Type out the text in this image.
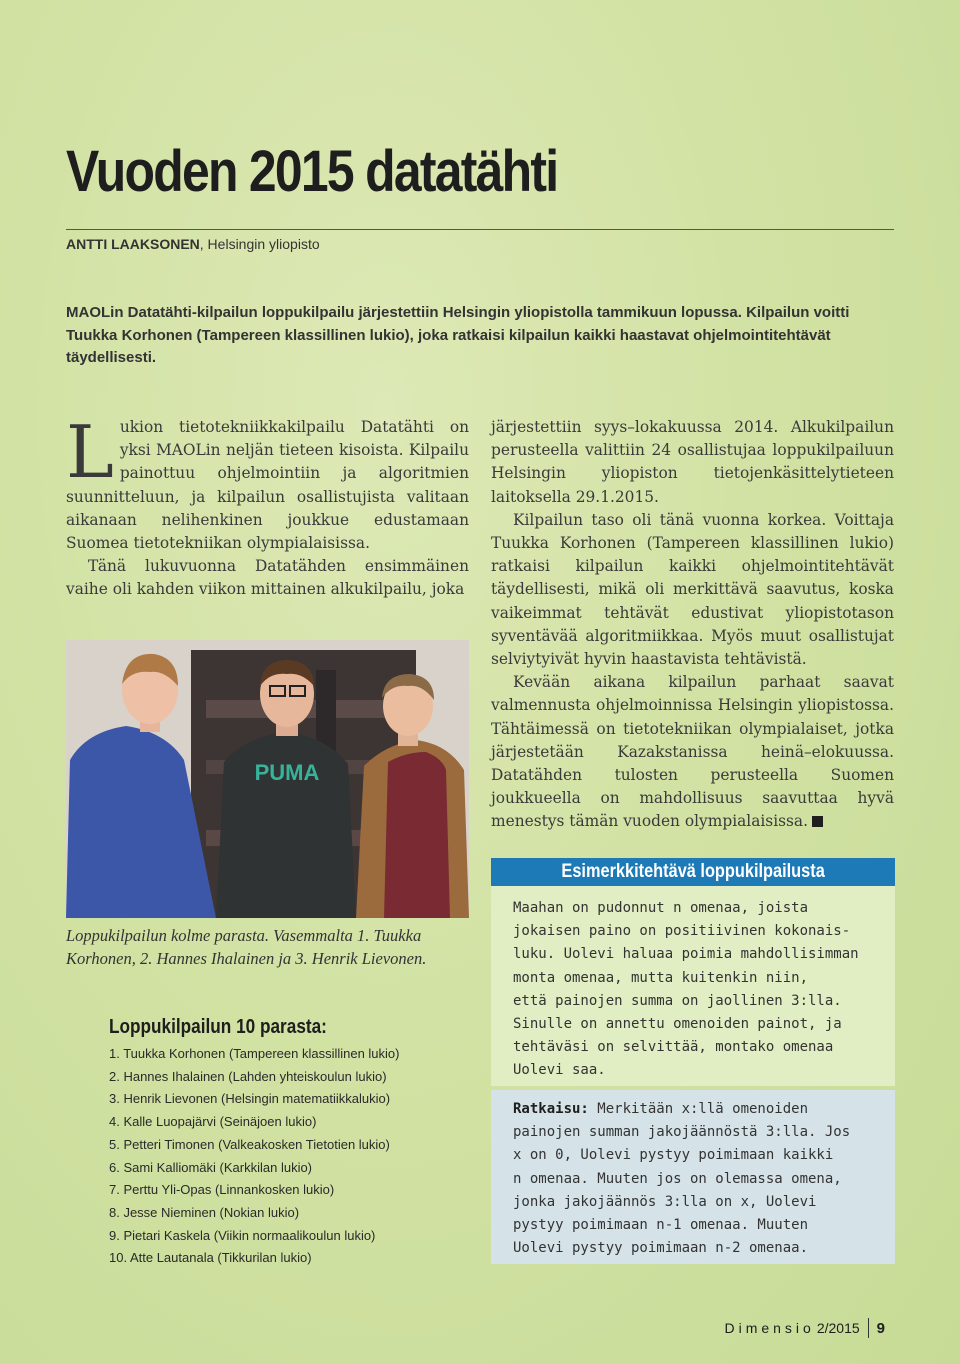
Vuoden 2015 datatähti
ANTTI LAAKSONEN, Helsingin yliopisto
MAOLin Datatähti-kilpailun loppukilpailu järjestettiin Helsingin yliopistolla tammikuun lopussa. Kilpailun voitti Tuukka Korhonen (Tampereen klassillinen lukio), joka ratkaisi kilpailun kaikki haastavat ohjelmointitehtävät täydellisesti.

Lukion tietotekniikkakilpailu Datatähti on yksi MAOLin neljän tieteen kisoista. Kilpailu painottuu ohjelmointiin ja algoritmien suunnitteluun, ja kilpailun osallistujista valitaan aikanaan nelihenkinen joukkue edustamaan Suomea tietotekniikan olympialaisissa.

Tänä lukuvuonna Datatähden ensimmäinen vaihe oli kahden viikon mittainen alkukilpailu, joka

järjestettiin syys–lokakuussa 2014. Alkukilpailun perusteella valittiin 24 osallistujaa loppukilpailuun Helsingin yliopiston tietojenkäsittelytieteen laitoksella 29.1.2015.

Kilpailun taso oli tänä vuonna korkea. Voittaja Tuukka Korhonen (Tampereen klassillinen lukio) ratkaisi kilpailun kaikki ohjelmointitehtävät täydellisesti, mikä oli merkittävä saavutus, koska vaikeimmat tehtävät edustivat yliopistotason syventävää algoritmiikkaa. Myös muut osallistujat selviytyivät hyvin haastavista tehtävistä.

Kevään aikana kilpailun parhaat saavat valmennusta ohjelmoinnissa Helsingin yliopistossa. Tähtäimessä on tietotekniikan olympialaiset, jotka järjestetään Kazakstanissa heinä–elokuussa. Datatähden tulosten perusteella Suomen joukkueella on mahdollisuus saavuttaa hyvä menestys tämän vuoden olympialaisissa.

PUMA
Loppukilpailun kolme parasta. Vasemmalta 1. Tuukka Korhonen, 2. Hannes Ihalainen ja 3. Henrik Lievonen.
Loppukilpailun 10 parasta:
1. Tuukka Korhonen (Tampereen klassillinen lukio)
2. Hannes Ihalainen (Lahden yhteiskoulun lukio)
3. Henrik Lievonen (Helsingin matematiikkalukio)
4. Kalle Luopajärvi (Seinäjoen lukio)
5. Petteri Timonen (Valkeakosken Tietotien lukio)
6. Sami Kalliomäki (Karkkilan lukio)
7. Perttu Yli-Opas (Linnankosken lukio)
8. Jesse Nieminen (Nokian lukio)
9. Pietari Kaskela (Viikin normaalikoulun lukio)
10. Atte Lautanala (Tikkurilan lukio)
Esimerkkitehtävä loppukilpailusta
Maahan on pudonnut n omenaa, joista
jokaisen paino on positiivinen kokonais-
luku. Uolevi haluaa poimia mahdollisimman
monta omenaa, mutta kuitenkin niin,
että painojen summa on jaollinen 3:lla.
Sinulle on annettu omenoiden painot, ja
tehtäväsi on selvittää, montako omenaa
Uolevi saa.
Ratkaisu: Merkitään x:llä omenoiden
painojen summan jakojäännöstä 3:lla. Jos
x on 0, Uolevi pystyy poimimaan kaikki
n omenaa. Muuten jos on olemassa omena,
jonka jakojäännös 3:lla on x, Uolevi
pystyy poimimaan n-1 omenaa. Muuten
Uolevi pystyy poimimaan n-2 omenaa.
Dimensio 2/2015 9
